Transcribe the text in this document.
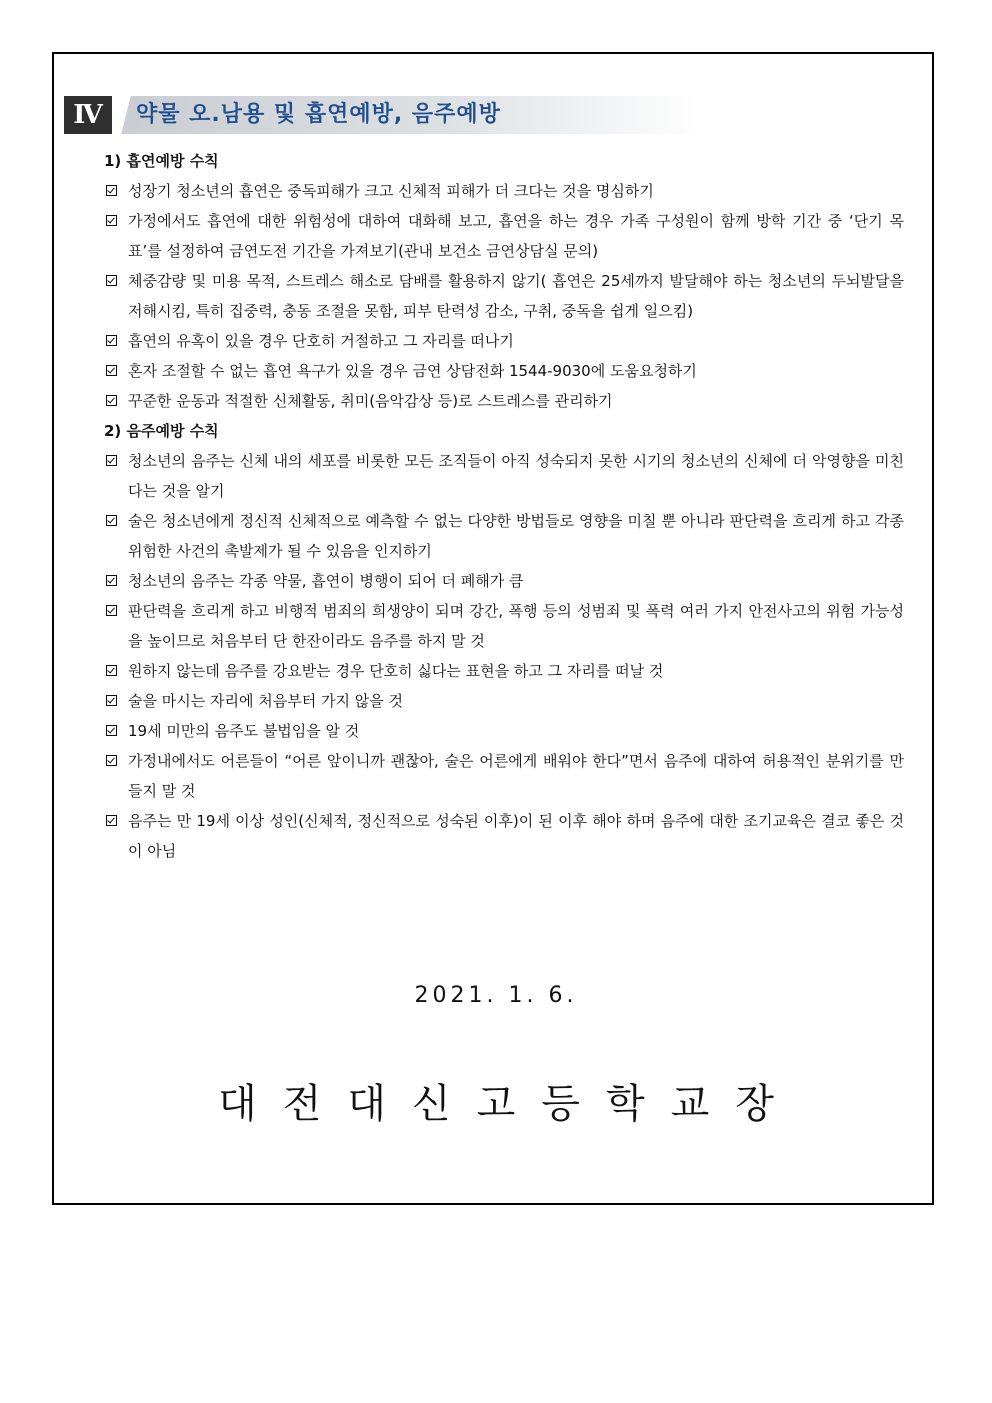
Ⅳ	약물 오.남용 및 흡연예방, 음주예방
1) 흡연예방 수칙
성장기 청소년의 흡연은 중독피해가 크고 신체적 피해가 더 크다는 것을 명심하기
가정에서도 흡연에 대한 위험성에 대하여 대화해 보고, 흡연을 하는 경우 가족 구성원이 함께 방학 기간 중 ‘단기 목표’를 설정하여 금연도전 기간을 가져보기(관내 보건소 금연상담실 문의)
체중감량 및 미용 목적, 스트레스 해소로 담배를 활용하지 않기( 흡연은 25세까지 발달해야 하는 청소년의 두뇌발달을 저해시킴, 특히 집중력, 충동 조절을 못함, 피부 탄력성 감소, 구취, 중독을 쉽게 일으킴)
흡연의 유혹이 있을 경우 단호히 거절하고 그 자리를 떠나기
혼자 조절할 수 없는 흡연 욕구가 있을 경우 금연 상담전화 1544-9030에 도움요청하기
꾸준한 운동과 적절한 신체활동, 취미(음악감상 등)로 스트레스를 관리하기
2) 음주예방 수칙
청소년의 음주는 신체 내의 세포를 비롯한 모든 조직들이 아직 성숙되지 못한 시기의 청소년의 신체에 더 악영향을 미친다는 것을 알기
술은 청소년에게 정신적 신체적으로 예측할 수 없는 다양한 방법들로 영향을 미칠 뿐 아니라 판단력을 흐리게 하고 각종 위험한 사건의 촉발제가 될 수 있음을 인지하기
청소년의 음주는 각종 약물, 흡연이 병행이 되어 더 폐해가 큼
판단력을 흐리게 하고 비행적 범죄의 희생양이 되며 강간, 폭행 등의 성범죄 및 폭력 여러 가지 안전사고의 위험 가능성을 높이므로 처음부터 단 한잔이라도 음주를 하지 말 것
원하지 않는데 음주를 강요받는 경우 단호히 싫다는 표현을 하고 그 자리를 떠날 것
술을 마시는 자리에 처음부터 가지 않을 것
19세 미만의 음주도 불법임을 알 것
가정내에서도 어른들이 “어른 앞이니까 괜찮아, 술은 어른에게 배워야 한다”면서 음주에 대하여 허용적인 분위기를 만들지 말 것
음주는 만 19세 이상 성인(신체적, 정신적으로 성숙된 이후)이 된 이후 해야 하며 음주에 대한 조기교육은 결코 좋은 것이 아님
2021. 1. 6.
대전대신고등학교장
